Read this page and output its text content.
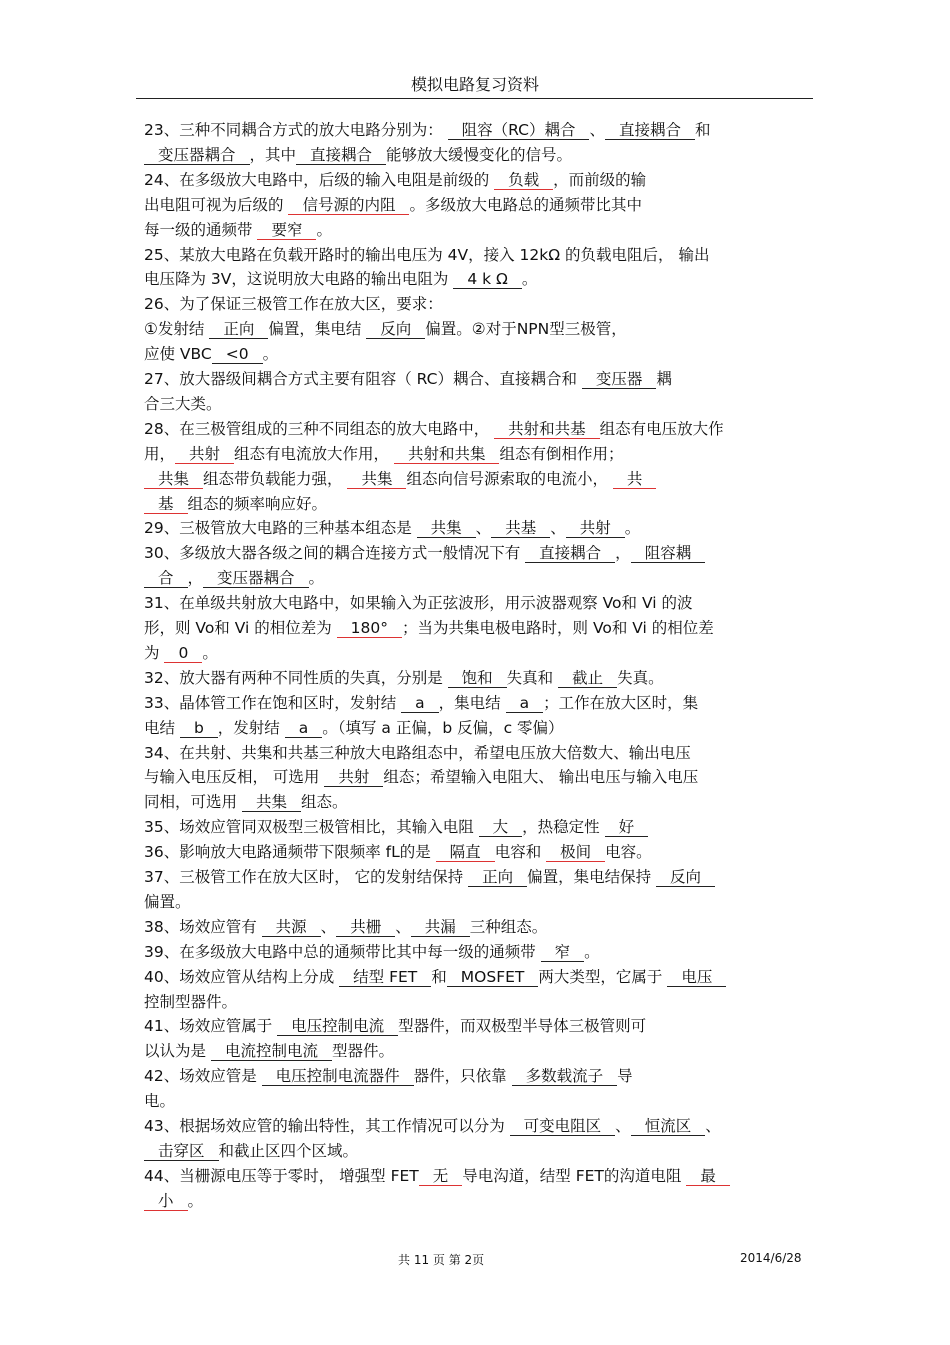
模拟电路复习资料
23、三种不同耦合方式的放大电路分别为： 阻容（RC）耦合 、 直接耦合 和
变压器耦合 ，其中 直接耦合 能够放大缓慢变化的信号。
24、在多级放大电路中，后级的输入电阻是前级的 负载 ，而前级的输
出电阻可视为后级的 信号源的内阻 。多级放大电路总的通频带比其中
每一级的通频带 要窄 。
25、某放大电路在负载开路时的输出电压为 4V，接入 12kΩ 的负载电阻后， 输出
电压降为 3V，这说明放大电路的输出电阻为 4 k Ω 。
26、为了保证三极管工作在放大区，要求：
①发射结 正向 偏置，集电结 反向 偏置。②对于NPN型三极管，
应使 VBC <0 。
27、放大器级间耦合方式主要有阻容（ RC）耦合、直接耦合和 变压器 耦
合三大类。
28、在三极管组成的三种不同组态的放大电路中， 共射和共基 组态有电压放大作
用， 共射 组态有电流放大作用， 共射和共集 组态有倒相作用；
共集 组态带负载能力强， 共集 组态向信号源索取的电流小， 共
基 组态的频率响应好。
29、三极管放大电路的三种基本组态是 共集 、 共基 、 共射 。
30、多级放大器各级之间的耦合连接方式一般情况下有 直接耦合 ， 阻容耦
合 ， 变压器耦合 。
31、在单级共射放大电路中，如果输入为正弦波形，用示波器观察 Vo和 Vi 的波
形，则 Vo和 Vi 的相位差为 180° ；当为共集电极电路时，则 Vo和 Vi 的相位差
为 0 。
32、放大器有两种不同性质的失真，分别是 饱和 失真和 截止 失真。
33、晶体管工作在饱和区时，发射结 a ，集电结 a ；工作在放大区时，集
电结 b ，发射结 a 。（填写 a 正偏，b 反偏，c 零偏）
34、在共射、共集和共基三种放大电路组态中，希望电压放大倍数大、输出电压
与输入电压反相， 可选用 共射 组态；希望输入电阻大、 输出电压与输入电压
同相，可选用 共集 组态。
35、场效应管同双极型三极管相比，其输入电阻 大 ，热稳定性 好
36、影响放大电路通频带下限频率 fL的是 隔直 电容和 极间 电容。
37、三极管工作在放大区时， 它的发射结保持 正向 偏置，集电结保持 反向
偏置。
38、场效应管有 共源 、 共栅 、 共漏 三种组态。
39、在多级放大电路中总的通频带比其中每一级的通频带 窄 。
40、场效应管从结构上分成 结型 FET 和 MOSFET 两大类型，它属于 电压
控制型器件。
41、场效应管属于 电压控制电流 型器件，而双极型半导体三极管则可
以认为是 电流控制电流 型器件。
42、场效应管是 电压控制电流器件 器件，只依靠 多数载流子 导
电。
43、根据场效应管的输出特性，其工作情况可以分为 可变电阻区 、 恒流区 、
击穿区 和截止区四个区域。
44、当栅源电压等于零时， 增强型 FET 无 导电沟道，结型 FET的沟道电阻 最
小 。
共 11 页 第 2页	2014/6/28
